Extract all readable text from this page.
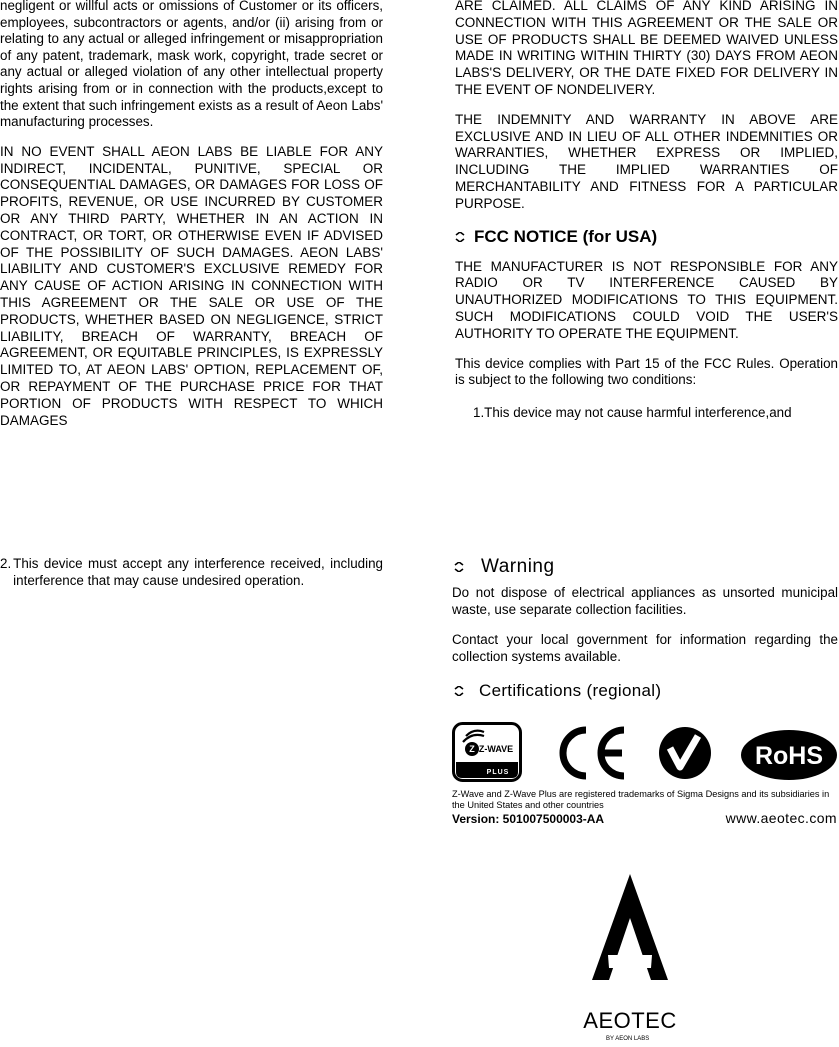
negligent or willful acts or omissions of Customer or its officers, employees, subcontractors or agents, and/or (ii) arising from or relating to any actual or alleged infringement or misappropriation of any patent, trademark, mask work, copyright, trade secret or any actual or alleged violation of any other intellectual property rights arising from or in connection with the products,except to the extent that such infringement exists as a result of Aeon Labs' manufacturing processes.

IN NO EVENT SHALL AEON LABS BE LIABLE FOR ANY INDIRECT, INCIDENTAL, PUNITIVE, SPECIAL OR CONSEQUENTIAL DAMAGES, OR DAMAGES FOR LOSS OF PROFITS, REVENUE, OR USE INCURRED BY CUSTOMER OR ANY THIRD PARTY, WHETHER IN AN ACTION IN CONTRACT, OR TORT, OR OTHERWISE EVEN IF ADVISED OF THE POSSIBILITY OF SUCH DAMAGES. AEON LABS' LIABILITY AND CUSTOMER'S EXCLUSIVE REMEDY FOR ANY CAUSE OF ACTION ARISING IN CONNECTION WITH THIS AGREEMENT OR THE SALE OR USE OF THE PRODUCTS, WHETHER BASED ON NEGLIGENCE, STRICT LIABILITY, BREACH OF WARRANTY, BREACH OF AGREEMENT, OR EQUITABLE PRINCIPLES, IS EXPRESSLY LIMITED TO, AT AEON LABS' OPTION, REPLACEMENT OF, OR REPAYMENT OF THE PURCHASE PRICE FOR THAT PORTION OF PRODUCTS WITH RESPECT TO WHICH DAMAGES

2. This device must accept any interference received, including interference that may cause undesired operation.

ARE CLAIMED. ALL CLAIMS OF ANY KIND ARISING IN CONNECTION WITH THIS AGREEMENT OR THE SALE OR USE OF PRODUCTS SHALL BE DEEMED WAIVED UNLESS MADE IN WRITING WITHIN THIRTY (30) DAYS FROM AEON LABS'S DELIVERY, OR THE DATE FIXED FOR DELIVERY IN THE EVENT OF NONDELIVERY.

THE INDEMNITY AND WARRANTY IN ABOVE ARE EXCLUSIVE AND IN LIEU OF ALL OTHER INDEMNITIES OR WARRANTIES, WHETHER EXPRESS OR IMPLIED, INCLUDING THE IMPLIED WARRANTIES OF MERCHANTABILITY AND FITNESS FOR A PARTICULAR PURPOSE.

FCC NOTICE (for USA)

THE MANUFACTURER IS NOT RESPONSIBLE FOR ANY RADIO OR TV INTERFERENCE CAUSED BY UNAUTHORIZED MODIFICATIONS TO THIS EQUIPMENT. SUCH MODIFICATIONS COULD VOID THE USER'S AUTHORITY TO OPERATE THE EQUIPMENT.

This device complies with Part 15 of the FCC Rules. Operation is subject to the following two conditions:

1. This device may not cause harmful interference,and
Warning

Do not dispose of electrical appliances as unsorted municipal waste, use separate collection facilities.

Contact your local government for information regarding the collection systems available.

Certifications (regional)
Z Z-WAVE
PLUS
RoHS

Z-Wave and Z-Wave Plus are registered trademarks of Sigma Designs and its subsidiaries in the United States and other countries

Version: 501007500003-AA	www.aeotec.com
AEOTEC
BY AEON LABS
